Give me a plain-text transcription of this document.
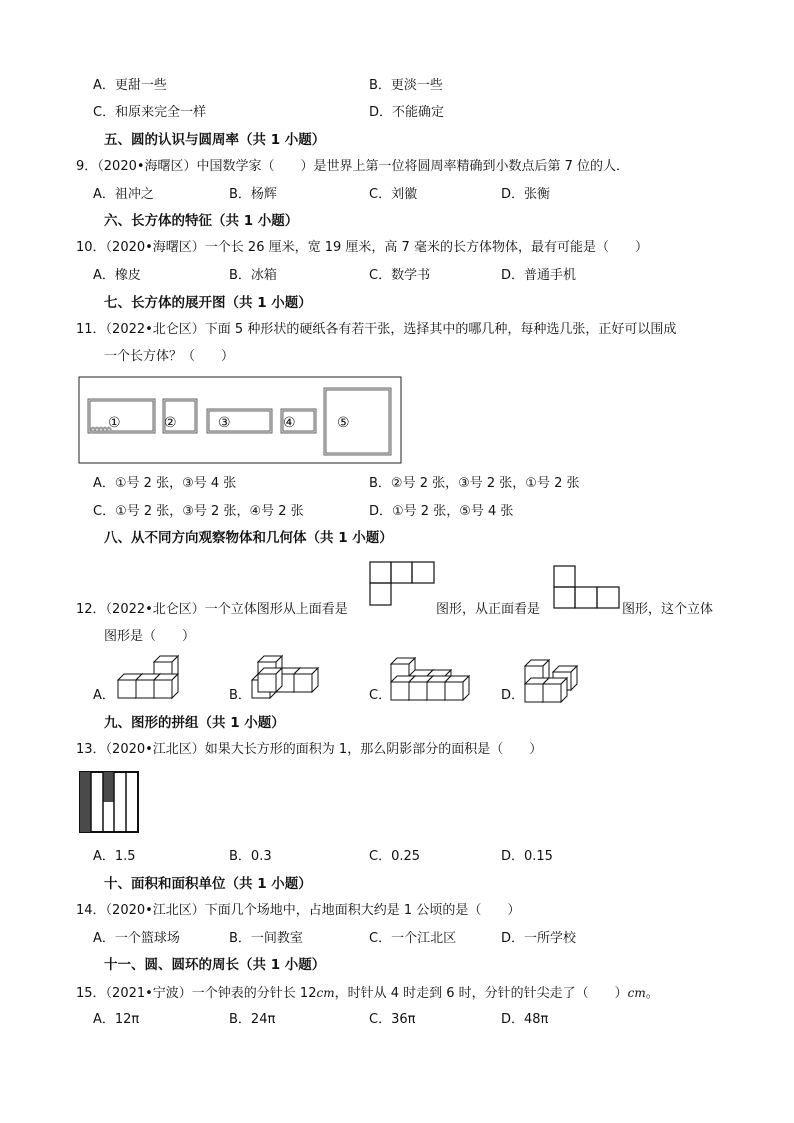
A．更甜一些	B．更淡一些
C．和原来完全一样	D．不能确定
五、圆的认识与圆周率（共 1 小题）
9．（2020•海曙区）中国数学家（　　）是世界上第一位将圆周率精确到小数点后第 7 位的人．
A．祖冲之	B．杨辉	C．刘徽	D．张衡
六、长方体的特征（共 1 小题）
10．（2020•海曙区）一个长 26 厘米，宽 19 厘米，高 7 毫米的长方体物体，最有可能是（　　）
A．橡皮	B．冰箱	C．数学书	D．普通手机
七、长方体的展开图（共 1 小题）
11．（2022•北仑区）下面 5 种形状的硬纸各有若干张，选择其中的哪几种，每种选几张，正好可以围成
一个长方体？（　　）
①	②	③	④	⑤
A．①号 2 张，③号 4 张	B．②号 2 张，③号 2 张，①号 2 张
C．①号 2 张，③号 2 张，④号 2 张	D．①号 2 张，⑤号 4 张
八、从不同方向观察物体和几何体（共 1 小题）
12．（2022•北仑区）一个立体图形从上面看是	图形，从正面看是	图形，这个立体
图形是（　　）
A．	B．	C．	D．
九、图形的拼组（共 1 小题）
13．（2020•江北区）如果大长方形的面积为 1，那么阴影部分的面积是（　　）
A．1.5	B．0.3	C．0.25	D．0.15
十、面积和面积单位（共 1 小题）
14．（2020•江北区）下面几个场地中，占地面积大约是 1 公顷的是（　　）
A．一个篮球场	B．一间教室	C．一个江北区	D．一所学校
十一、圆、圆环的周长（共 1 小题）
15．（2021•宁波）一个钟表的分针长 12cm，时针从 4 时走到 6 时，分针的针尖走了（　　）cm。
A．12π	B．24π	C．36π	D．48π
